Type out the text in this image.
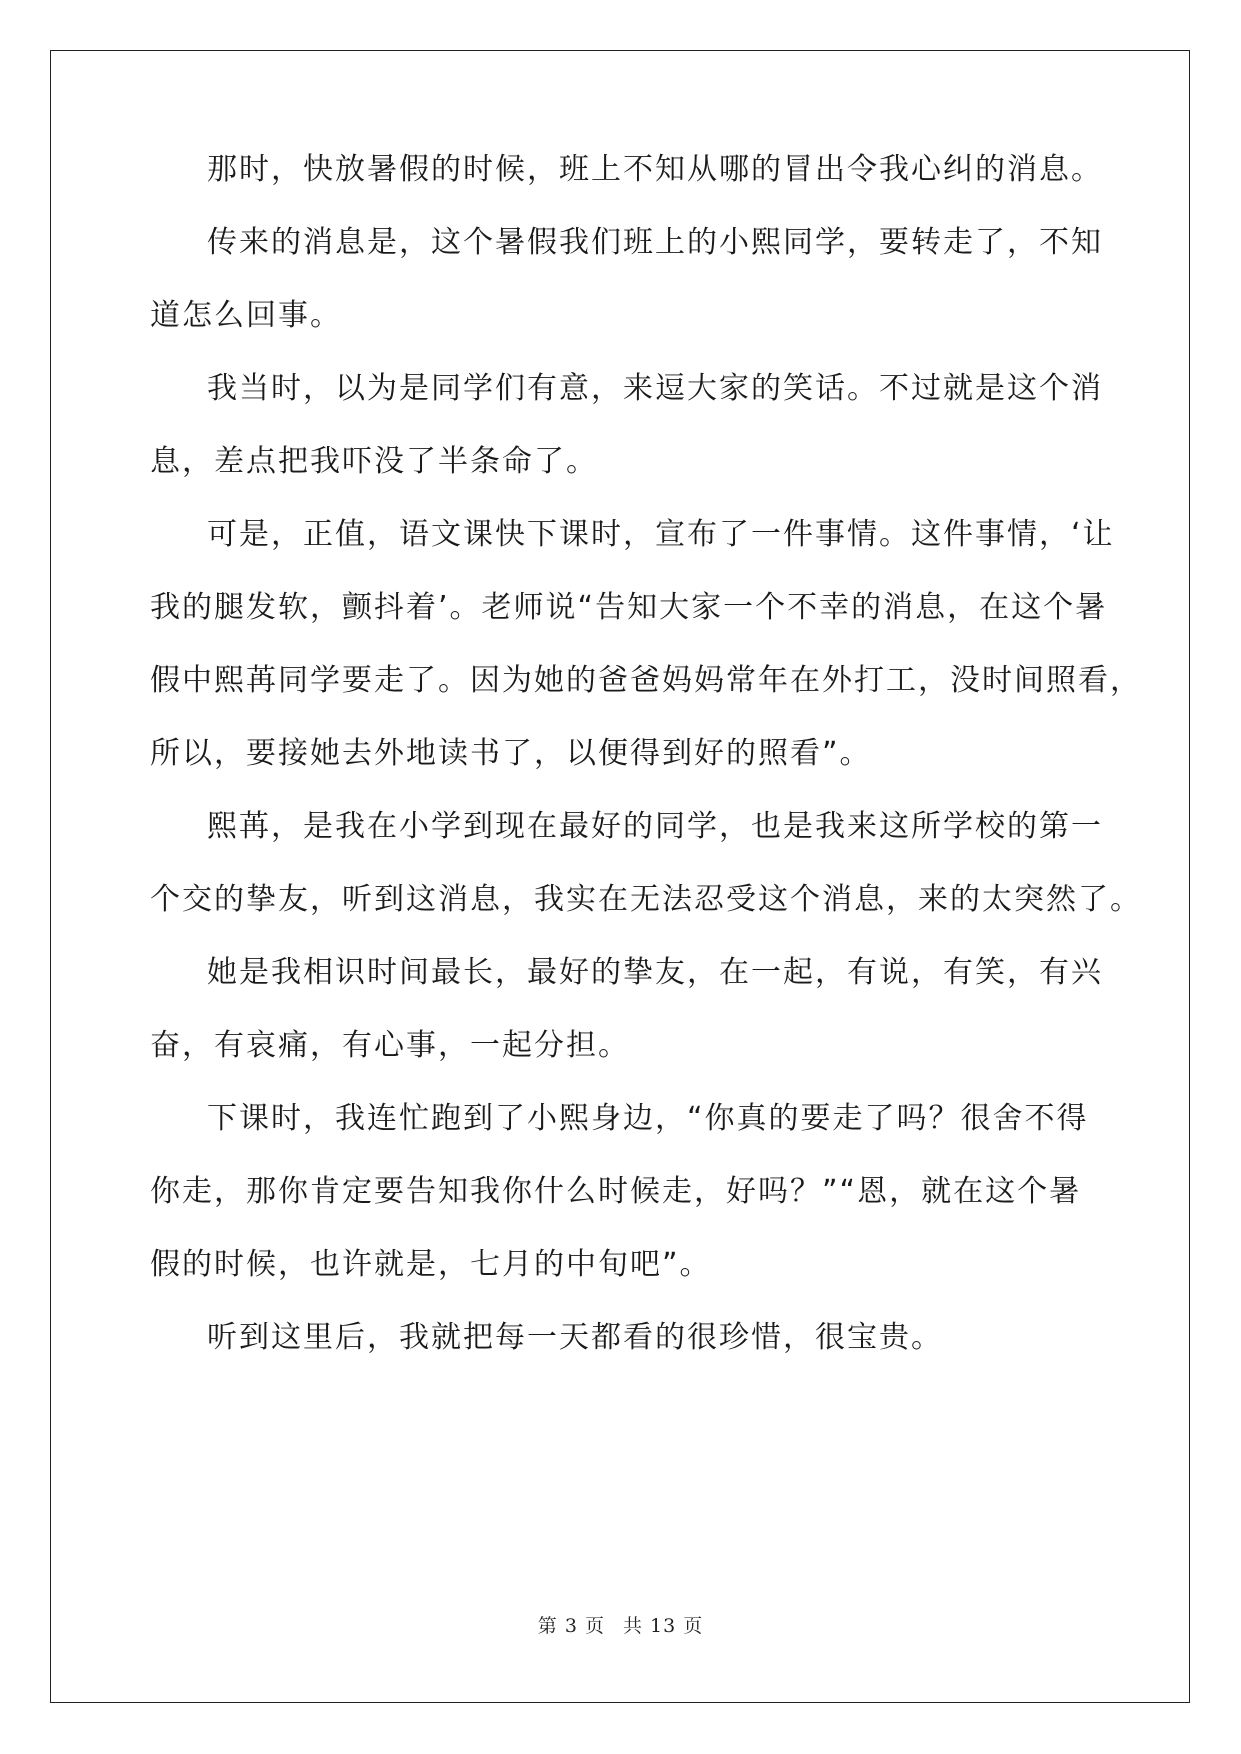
那时，快放暑假的时候，班上不知从哪的冒出令我心纠的消息。
传来的消息是，这个暑假我们班上的小熙同学，要转走了，不知
道怎么回事。
我当时，以为是同学们有意，来逗大家的笑话。不过就是这个消
息，差点把我吓没了半条命了。
可是，正值，语文课快下课时，宣布了一件事情。这件事情，‘让
我的腿发软，颤抖着’。老师说“告知大家一个不幸的消息，在这个暑
假中熙苒同学要走了。因为她的爸爸妈妈常年在外打工，没时间照看，
所以，要接她去外地读书了，以便得到好的照看”。
熙苒，是我在小学到现在最好的同学，也是我来这所学校的第一
个交的挚友，听到这消息，我实在无法忍受这个消息，来的太突然了。
她是我相识时间最长，最好的挚友，在一起，有说，有笑，有兴
奋，有哀痛，有心事，一起分担。
下课时，我连忙跑到了小熙身边，“你真的要走了吗？很舍不得
你走，那你肯定要告知我你什么时候走，好吗？”“恩，就在这个暑
假的时候，也许就是，七月的中旬吧”。
听到这里后，我就把每一天都看的很珍惜，很宝贵。
第 3 页 共 13 页
